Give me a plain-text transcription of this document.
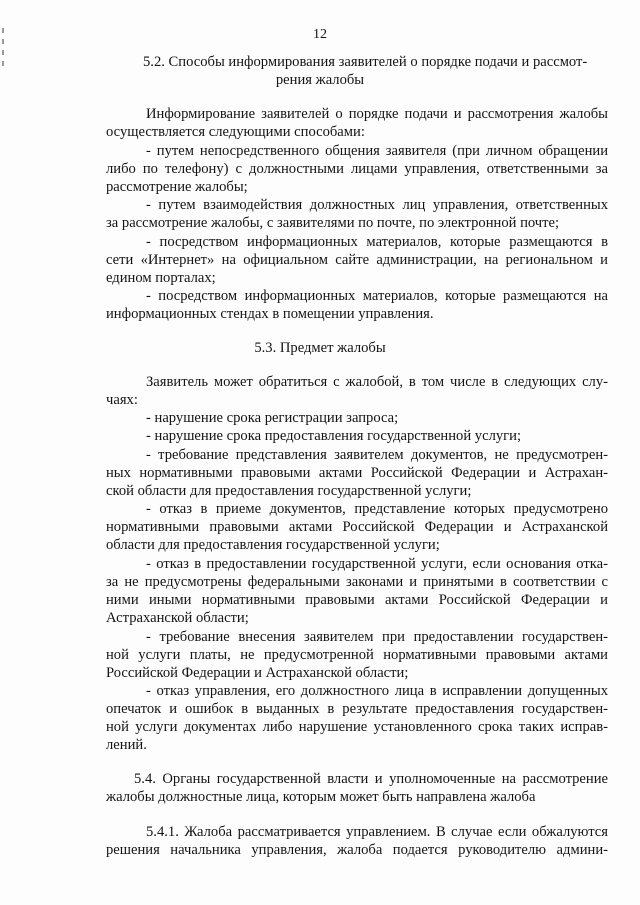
12
5.2. Способы информирования заявителей о порядке подачи и рассмот-
рения жалобы
Информирование заявителей о порядке подачи и рассмотрения жалобы
осуществляется следующими способами:
- путем непосредственного общения заявителя (при личном обращении
либо по телефону) с должностными лицами управления, ответственными за
рассмотрение жалобы;
- путем взаимодействия должностных лиц управления, ответственных
за рассмотрение жалобы, с заявителями по почте, по электронной почте;
- посредством информационных материалов, которые размещаются в
сети «Интернет» на официальном сайте администрации, на региональном и
едином порталах;
- посредством информационных материалов, которые размещаются на
информационных стендах в помещении управления.
5.3. Предмет жалобы
Заявитель может обратиться с жалобой, в том числе в следующих слу-
чаях:
- нарушение срока регистрации запроса;
- нарушение срока предоставления государственной услуги;
- требование представления заявителем документов, не предусмотрен-
ных нормативными правовыми актами Российской Федерации и Астрахан-
ской области для предоставления государственной услуги;
- отказ в приеме документов, представление которых предусмотрено
нормативными правовыми актами Российской Федерации и Астраханской
области для предоставления государственной услуги;
- отказ в предоставлении государственной услуги, если основания отка-
за не предусмотрены федеральными законами и принятыми в соответствии с
ними иными нормативными правовыми актами Российской Федерации и
Астраханской области;
- требование внесения заявителем при предоставлении государствен-
ной услуги платы, не предусмотренной нормативными правовыми актами
Российской Федерации и Астраханской области;
- отказ управления, его должностного лица в исправлении допущенных
опечаток и ошибок в выданных в результате предоставления государствен-
ной услуги документах либо нарушение установленного срока таких исправ-
лений.
5.4. Органы государственной власти и уполномоченные на рассмотрение
жалобы должностные лица, которым может быть направлена жалоба
5.4.1. Жалоба рассматривается управлением. В случае если обжалуются
решения начальника управления, жалоба подается руководителю админи-
